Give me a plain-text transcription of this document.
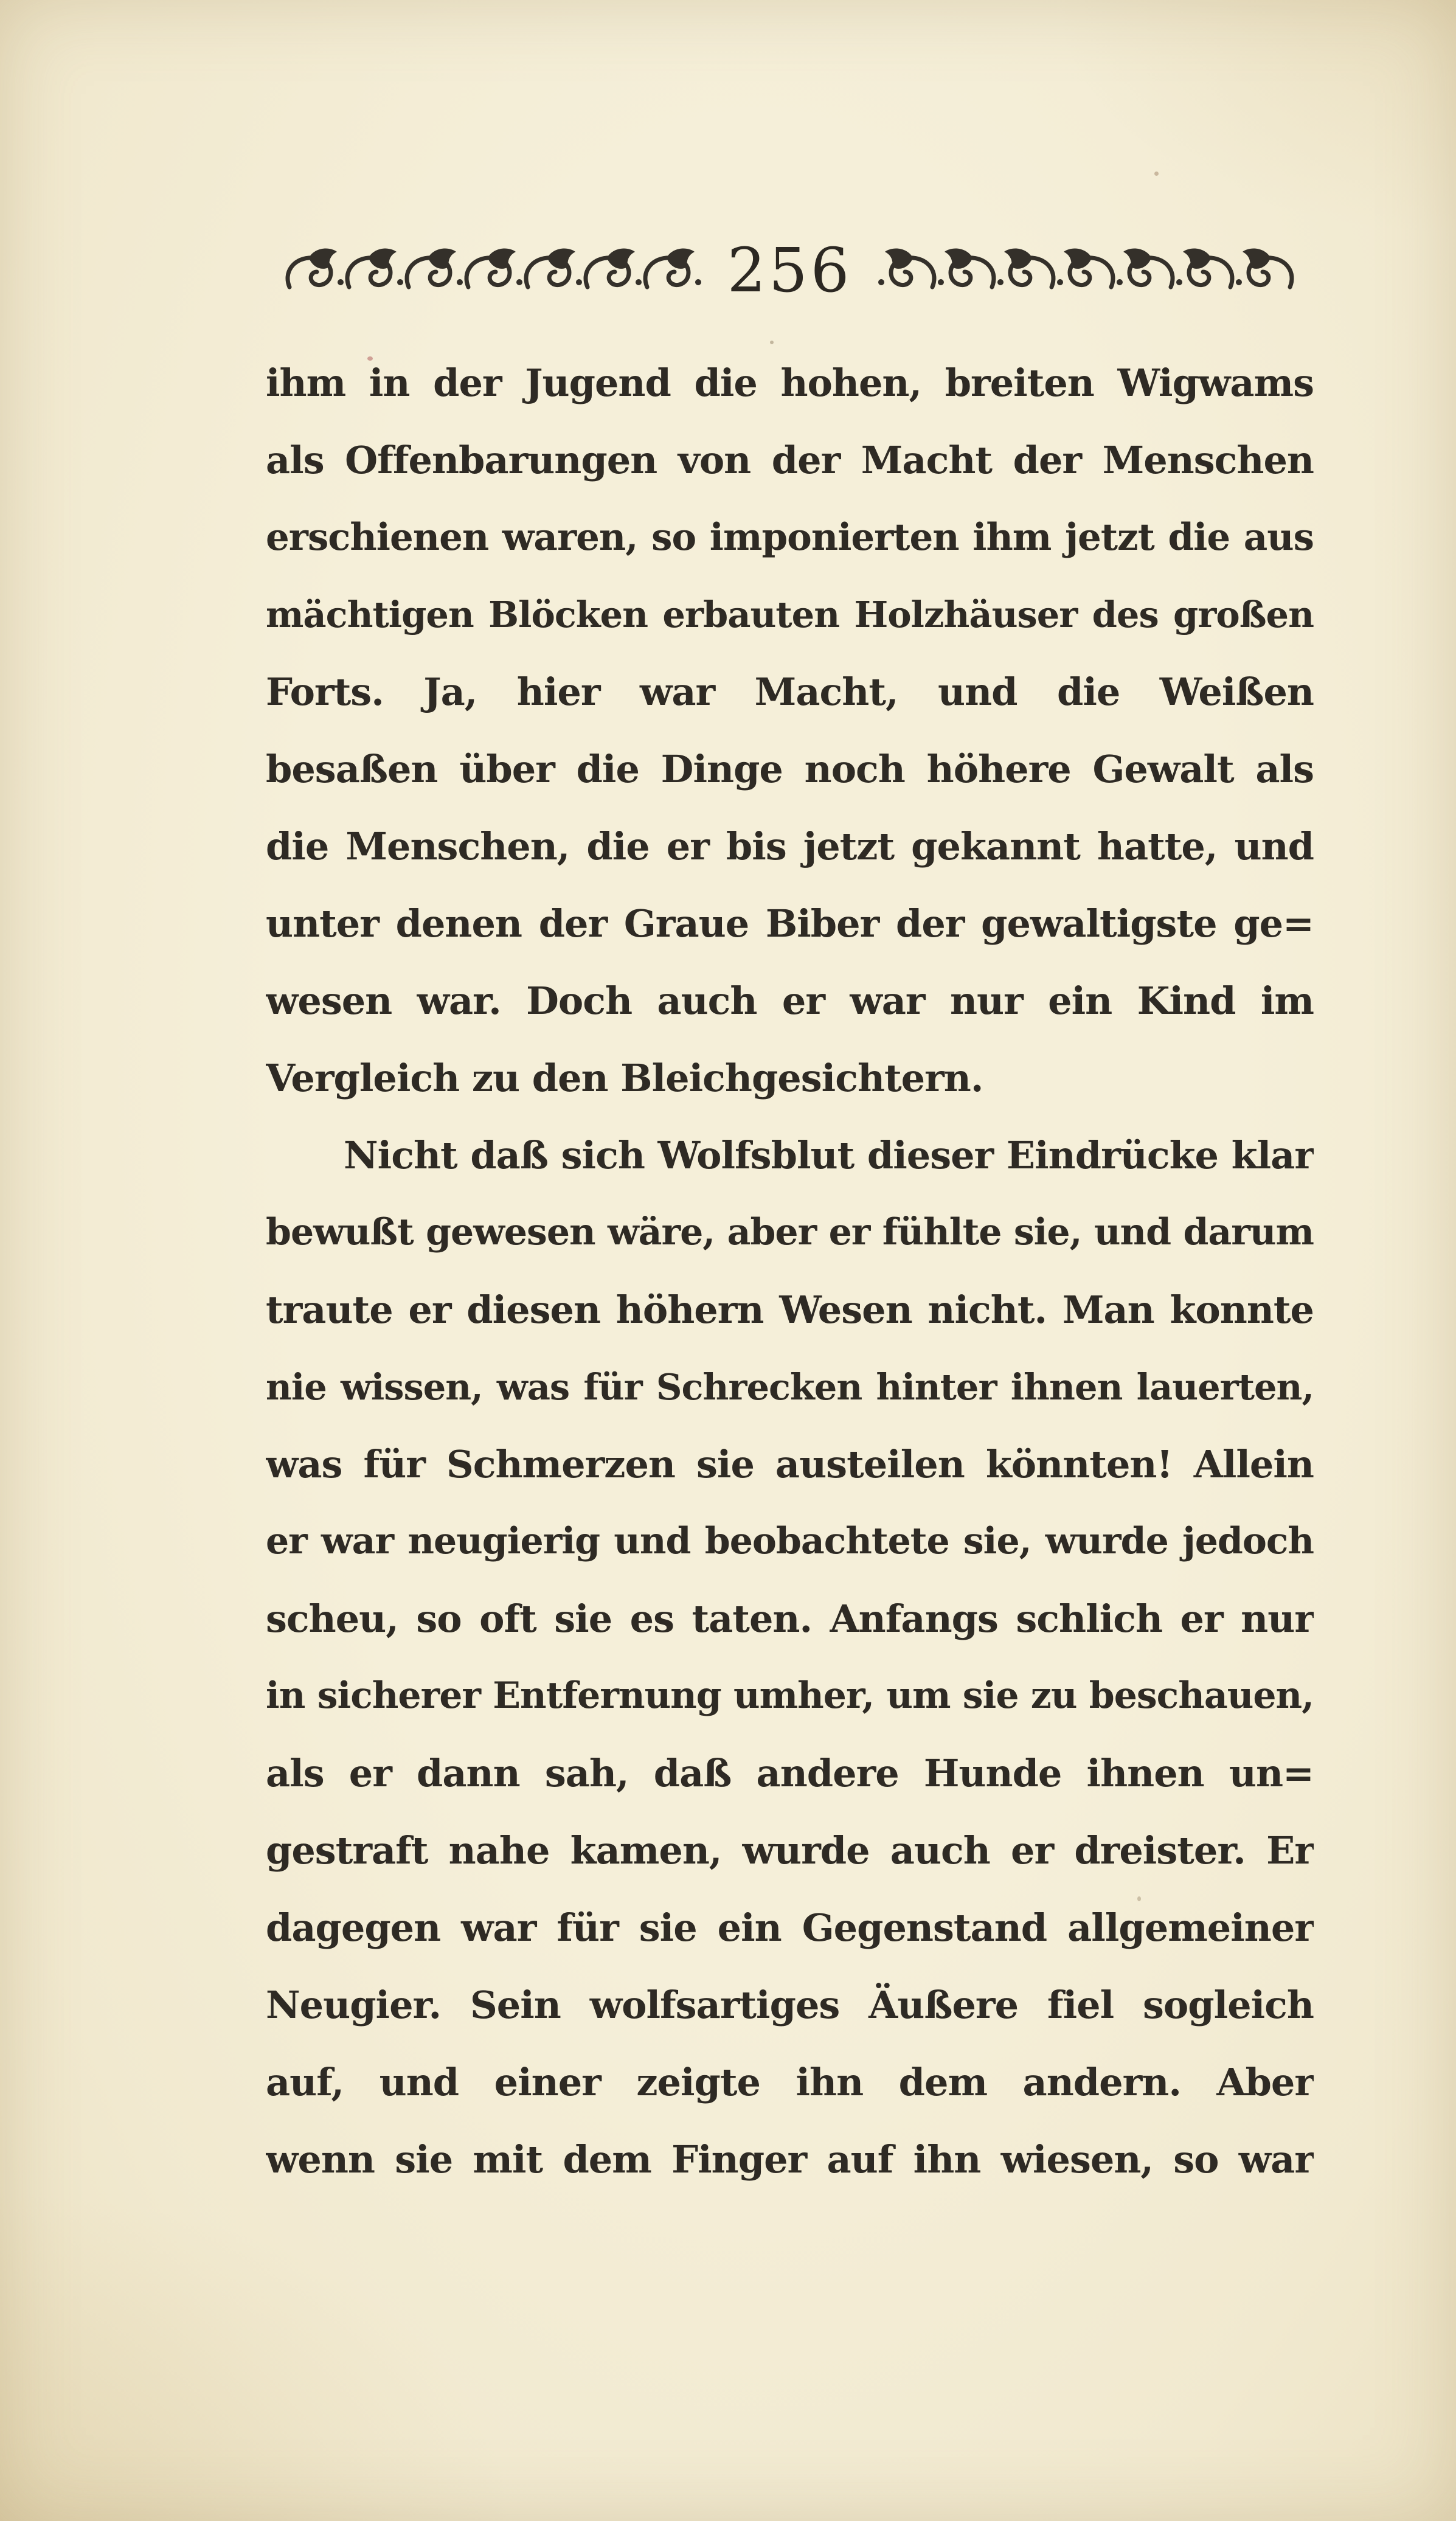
256
ihm in der Jugend die hohen, breiten Wigwams
als Offenbarungen von der Macht der Menschen
erschienen waren, so imponierten ihm jetzt die aus
mächtigen Blöcken erbauten Holzhäuser des großen
Forts. Ja, hier war Macht, und die Weißen
besaßen über die Dinge noch höhere Gewalt als
die Menschen, die er bis jetzt gekannt hatte, und
unter denen der Graue Biber der gewaltigste ge=
wesen war. Doch auch er war nur ein Kind im
Vergleich zu den Bleichgesichtern.
Nicht daß sich Wolfsblut dieser Eindrücke klar
bewußt gewesen wäre, aber er fühlte sie, und darum
traute er diesen höhern Wesen nicht. Man konnte
nie wissen, was für Schrecken hinter ihnen lauerten,
was für Schmerzen sie austeilen könnten! Allein
er war neugierig und beobachtete sie, wurde jedoch
scheu, so oft sie es taten. Anfangs schlich er nur
in sicherer Entfernung umher, um sie zu beschauen,
als er dann sah, daß andere Hunde ihnen un=
gestraft nahe kamen, wurde auch er dreister. Er
dagegen war für sie ein Gegenstand allgemeiner
Neugier. Sein wolfsartiges Äußere fiel sogleich
auf, und einer zeigte ihn dem andern. Aber
wenn sie mit dem Finger auf ihn wiesen, so war
